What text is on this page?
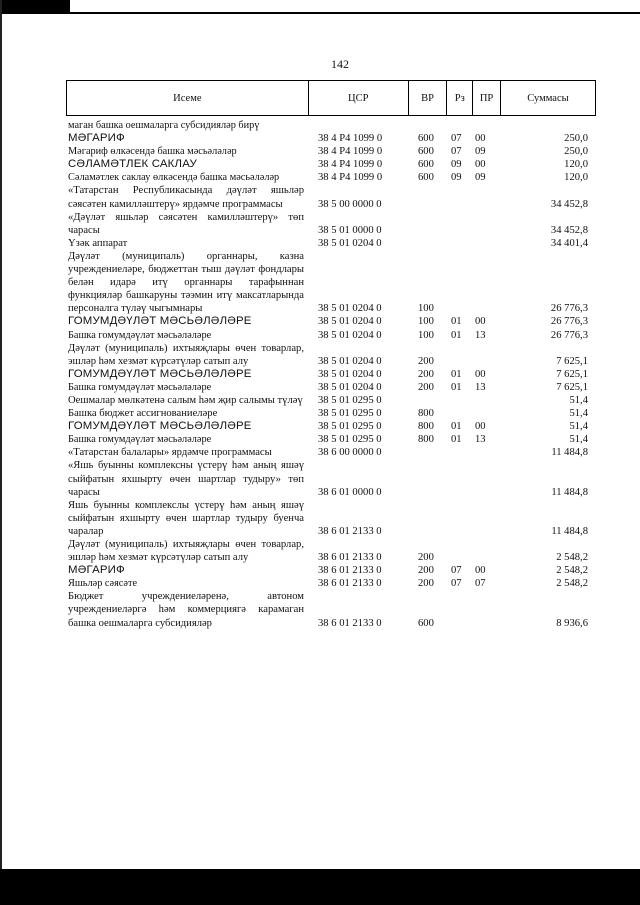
142
Исеме	ЦСР	ВР	Рз	ПР	Суммасы
маган башка оешмаларга субсидияләр бирү
МӘГАРИФ	38 4 P4 1099 0	600	07	00	250,0
Мәгариф өлкәсендә башка мәсьәләләр	38 4 P4 1099 0	600	07	09	250,0
СӘЛАМӘТЛЕК САКЛАУ	38 4 P4 1099 0	600	09	00	120,0
Сәламәтлек саклау өлкәсендә башка мәсьәләләр	38 4 P4 1099 0	600	09	09	120,0
«Татарстан Республикасында дәүләт яшьләр сәясәтен камилләштерү» ярдәмче программасы	38 5 00 0000 0	34 452,8
«Дәүләт яшьләр сәясәтен камилләштерү» төп чарасы	38 5 01 0000 0	34 452,8
Үзәк аппарат	38 5 01 0204 0	34 401,4
Дәүләт (муниципаль) органнары, казна учреждениеләре, бюджеттан тыш дәүләт фондлары белән идарә итү органнары тарафыннан функцияләр башкаруны тәэмин итү максатларында персоналга түләү чыгымнары	38 5 01 0204 0	100	26 776,3
ГОМУМДӘҮЛӘТ МӘСЬӘЛӘЛӘРЕ	38 5 01 0204 0	100	01	00	26 776,3
Башка гомумдәүләт мәсьәләләре	38 5 01 0204 0	100	01	13	26 776,3
Дәүләт (муниципаль) ихтыяҗлары өчен товарлар, эшләр һәм хезмәт күрсәтүләр сатып алу	38 5 01 0204 0	200	7 625,1
ГОМУМДӘҮЛӘТ МӘСЬӘЛӘЛӘРЕ	38 5 01 0204 0	200	01	00	7 625,1
Башка гомумдәүләт мәсьәләләре	38 5 01 0204 0	200	01	13	7 625,1
Оешмалар мөлкәтенә салым һәм җир салымы түләү	38 5 01 0295 0	51,4
Башка бюджет ассигнованиеләре	38 5 01 0295 0	800	51,4
ГОМУМДӘҮЛӘТ МӘСЬӘЛӘЛӘРЕ	38 5 01 0295 0	800	01	00	51,4
Башка гомумдәүләт мәсьәләләре	38 5 01 0295 0	800	01	13	51,4
«Татарстан балалары» ярдәмче программасы	38 6 00 0000 0	11 484,8
«Яшь буынны комплексны үстерү һәм аның яшәү сыйфатын яхшырту өчен шартлар тудыру» төп чарасы	38 6 01 0000 0	11 484,8
Яшь буынны комплекслы үстерү һәм аның яшәү сыйфатын яхшырту өчен шартлар тудыру буенча чаралар	38 6 01 2133 0	11 484,8
Дәүләт (муниципаль) ихтыяҗлары өчен товарлар, эшләр һәм хезмәт күрсәтүләр сатып алу	38 6 01 2133 0	200	2 548,2
МӘГАРИФ	38 6 01 2133 0	200	07	00	2 548,2
Яшьләр сәясәте	38 6 01 2133 0	200	07	07	2 548,2
Бюджет учреждениеләренә, автоном учреждениеләргә һәм коммерциягә карамаган башка оешмаларга субсидияләр	38 6 01 2133 0	600	8 936,6
